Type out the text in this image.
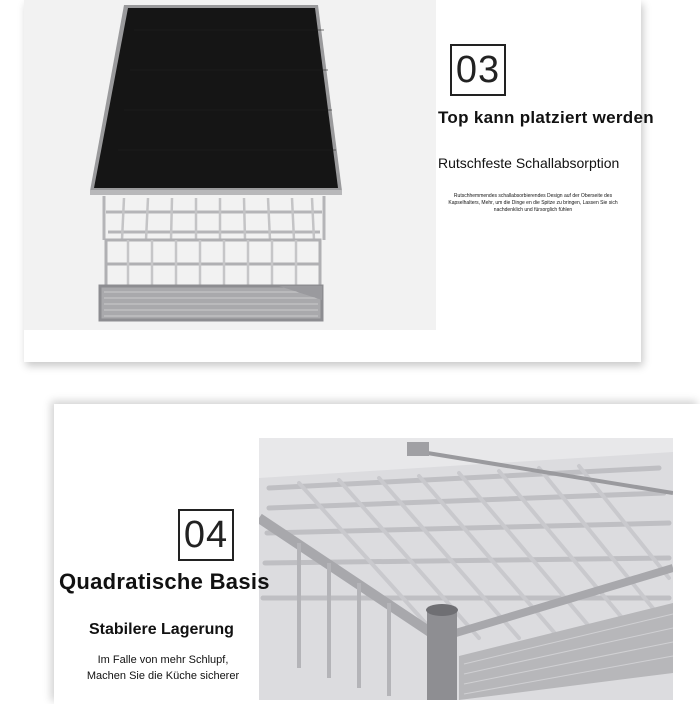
03
Top kann platziert werden
Rutschfeste Schallabsorption
Rutschhemmendes schallabsorbierendes Design auf der Oberseite des Kapselhalters, Mehr, um die Dinge en die Spitze zu bringen, Lassen Sie sich nachdenklich und fürsorglich fühlen
04
Quadratische Basis
Stabilere Lagerung
Im Falle von mehr Schlupf,
Machen Sie die Küche sicherer
